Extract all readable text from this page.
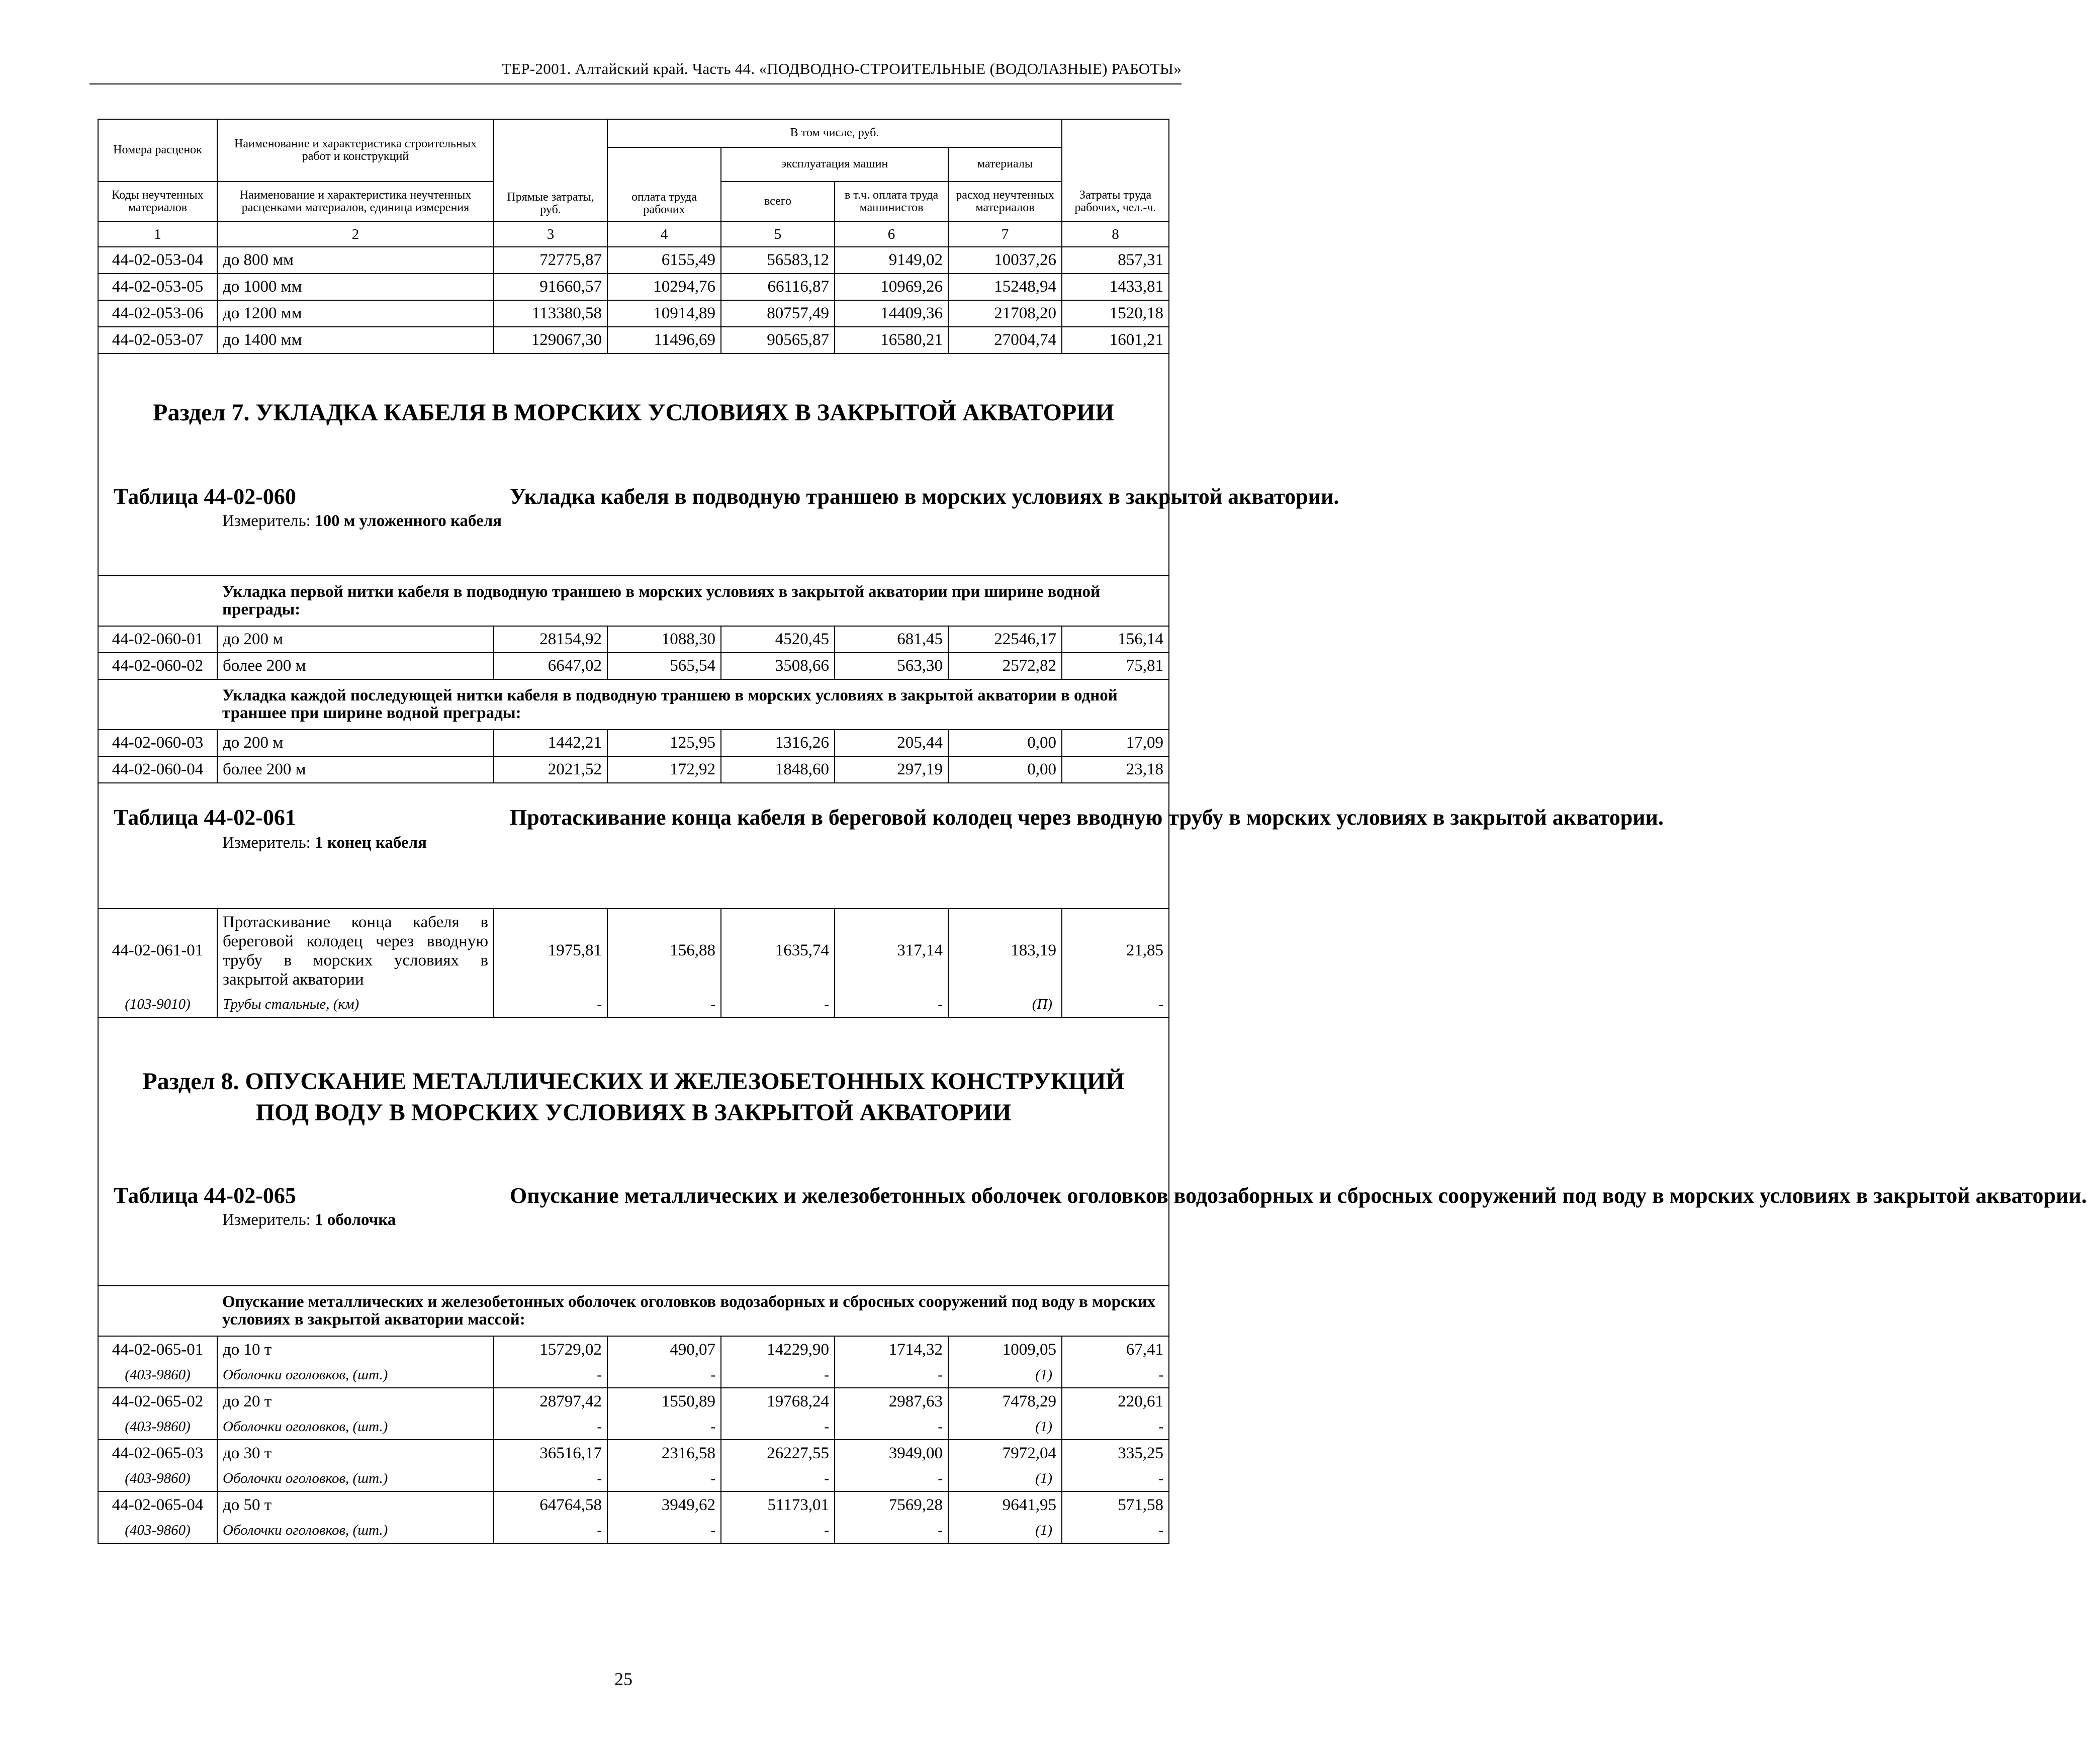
ТЕР-2001. Алтайский край. Часть 44. «ПОДВОДНО-СТРОИТЕЛЬНЫЕ (ВОДОЛАЗНЫЕ) РАБОТЫ»
Номера расценок	Наименование и характеристика строительных работ и конструкций	Прямые затраты, руб.	В том числе, руб.				Затраты труда рабочих, чел.-ч.
			оплата труда рабочих	эксплуатация машин		материалы	
Коды неучтенных материалов	Наименование и характеристика неучтенных расценками материалов, единица измерения			всего	в т.ч. оплата труда машинистов	расход неучтенных материалов	
1	2	3	4	5	6	7	8
44-02-053-04	до 800 мм	72775,87	6155,49	56583,12	9149,02	10037,26	857,31
44-02-053-05	до 1000 мм	91660,57	10294,76	66116,87	10969,26	15248,94	1433,81
44-02-053-06	до 1200 мм	113380,58	10914,89	80757,49	14409,36	21708,20	1520,18
44-02-053-07	до 1400 мм	129067,30	11496,69	90565,87	16580,21	27004,74	1601,21

Раздел 7. УКЛАДКА КАБЕЛЯ В МОРСКИХ УСЛОВИЯХ В ЗАКРЫТОЙ АКВАТОРИИ
Таблица 44-02-060 Укладка кабеля в подводную траншею в морских условиях в закрытой акватории.
Измеритель: 100 м уложенного кабеля							

	Укладка первой нитки кабеля в подводную траншею в морских условиях в закрытой акватории при ширине водной преграды:						
44-02-060-01	до 200 м	28154,92	1088,30	4520,45	681,45	22546,17	156,14
44-02-060-02	более 200 м	6647,02	565,54	3508,66	563,30	2572,82	75,81
	Укладка каждой последующей нитки кабеля в подводную траншею в морских условиях в закрытой акватории в одной траншее при ширине водной преграды:						
44-02-060-03	до 200 м	1442,21	125,95	1316,26	205,44	0,00	17,09
44-02-060-04	более 200 м	2021,52	172,92	1848,60	297,19	0,00	23,18

Таблица 44-02-061 Протаскивание конца кабеля в береговой колодец через вводную трубу в морских условиях в закрытой акватории.
Измеритель: 1 конец кабеля							

44-02-061-01	Протаскивание конца кабеля в береговой колодец через вводную трубу в морских условиях в закрытой акватории	1975,81	156,88	1635,74	317,14	183,19	21,85
(103-9010)	Трубы стальные, (км)	-	-	-	-	(П)	-

Раздел 8. ОПУСКАНИЕ МЕТАЛЛИЧЕСКИХ И ЖЕЛЕЗОБЕТОННЫХ КОНСТРУКЦИЙ
ПОД ВОДУ В МОРСКИХ УСЛОВИЯХ В ЗАКРЫТОЙ АКВАТОРИИ
Таблица 44-02-065 Опускание металлических и железобетонных оболочек оголовков водозаборных и сбросных сооружений под воду в морских условиях в закрытой акватории.
Измеритель: 1 оболочка							

	Опускание металлических и железобетонных оболочек оголовков водозаборных и сбросных сооружений под воду в морских условиях в закрытой акватории массой:						
44-02-065-01	до 10 т	15729,02	490,07	14229,90	1714,32	1009,05	67,41
(403-9860)	Оболочки оголовков, (шт.)	-	-	-	-	(1)	-
44-02-065-02	до 20 т	28797,42	1550,89	19768,24	2987,63	7478,29	220,61
(403-9860)	Оболочки оголовков, (шт.)	-	-	-	-	(1)	-
44-02-065-03	до 30 т	36516,17	2316,58	26227,55	3949,00	7972,04	335,25
(403-9860)	Оболочки оголовков, (шт.)	-	-	-	-	(1)	-
44-02-065-04	до 50 т	64764,58	3949,62	51173,01	7569,28	9641,95	571,58
(403-9860)	Оболочки оголовков, (шт.)	-	-	-	-	(1)	-
25
